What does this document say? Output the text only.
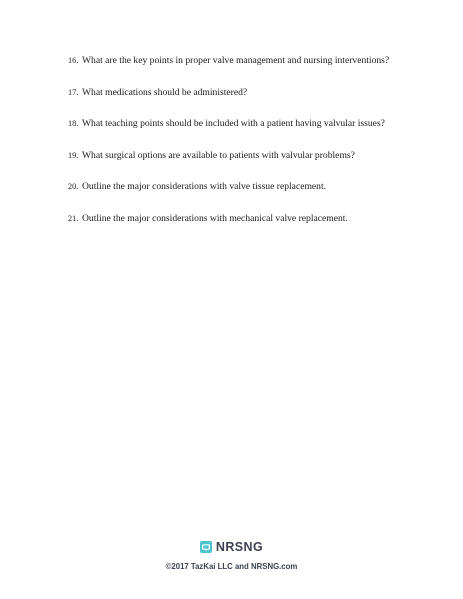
16. What are the key points in proper valve management and nursing interventions?
17. What medications should be administered?
18. What teaching points should be included with a patient having valvular issues?
19. What surgical options are available to patients with valvular problems?
20. Outline the major considerations with valve tissue replacement.
21. Outline the major considerations with mechanical valve replacement.
NRSNG
©2017 TazKai LLC and NRSNG.com
